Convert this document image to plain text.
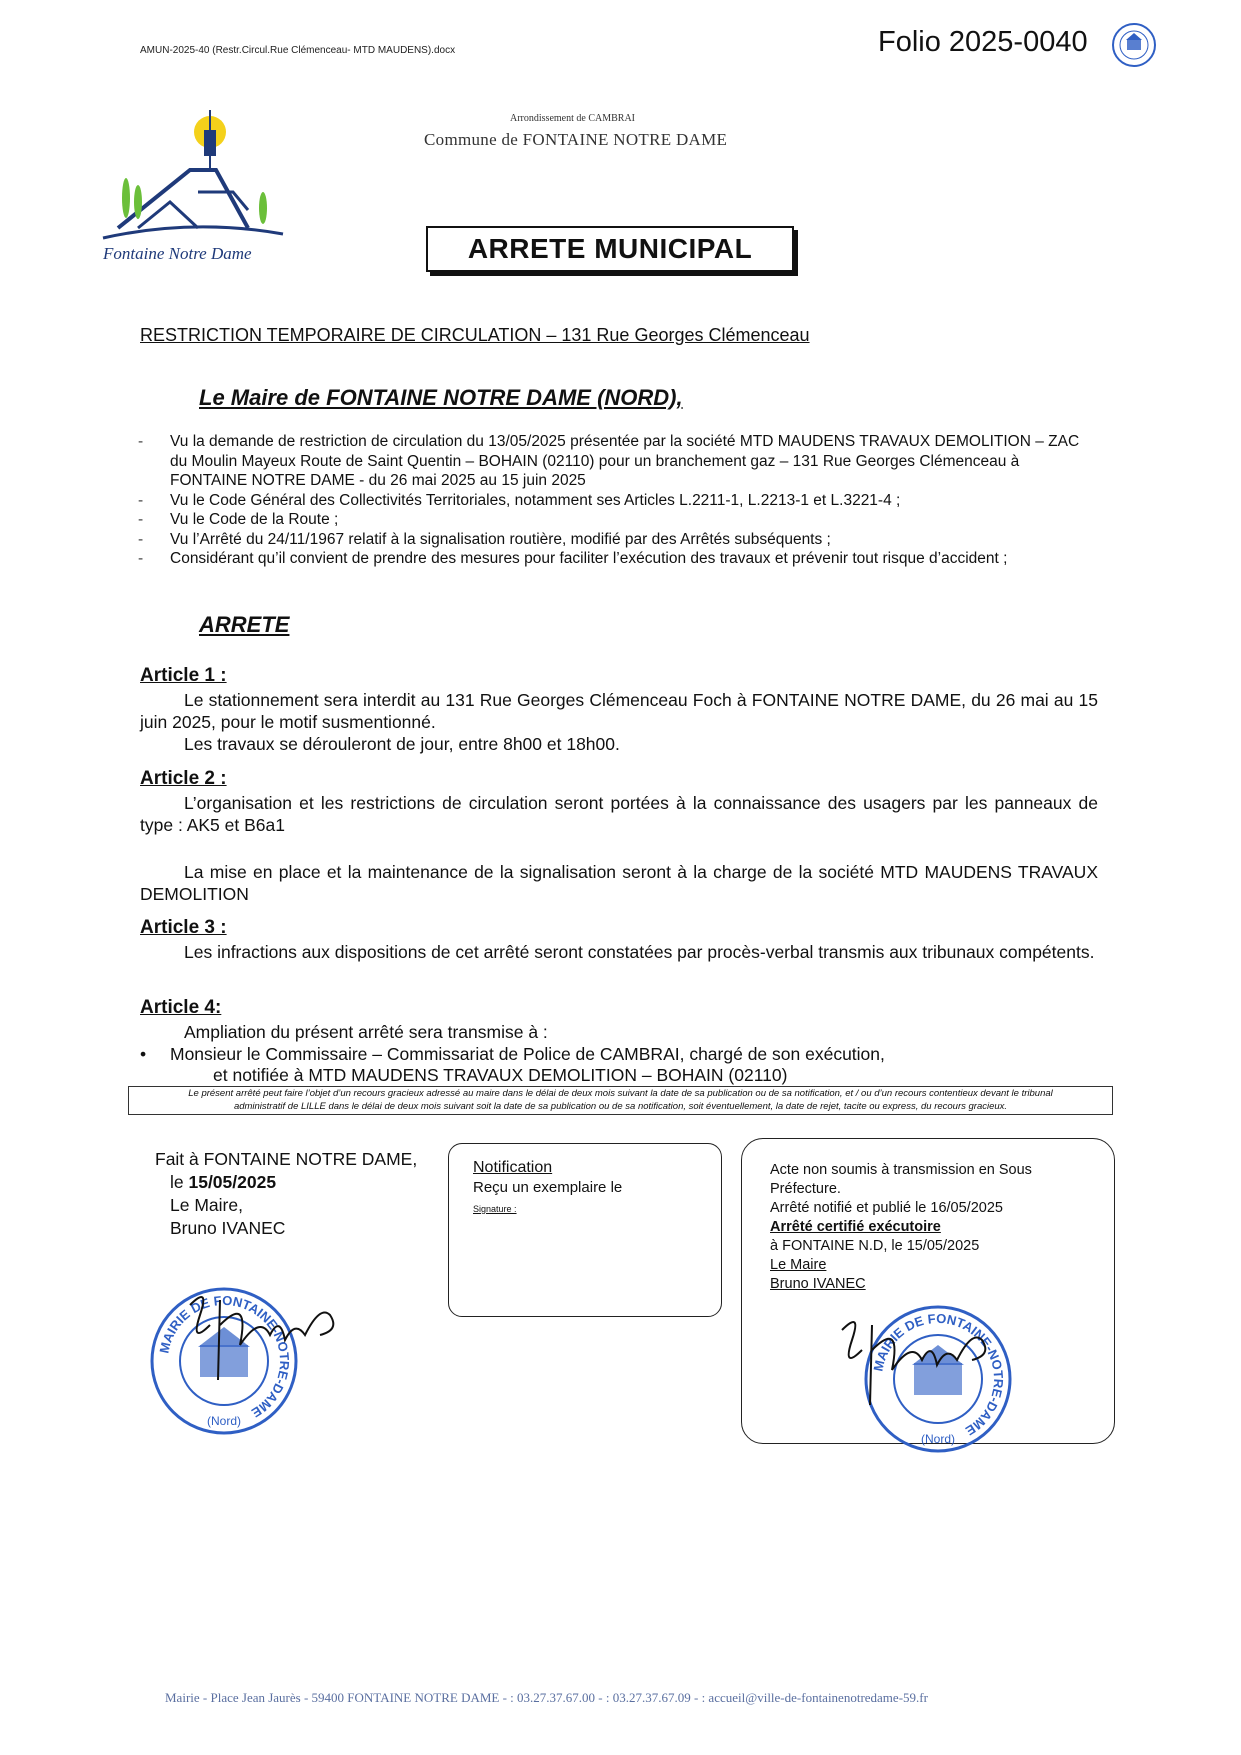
AMUN-2025-40 (Restr.Circul.Rue Clémenceau- MTD MAUDENS).docx	Folio 2025-0040
Fontaine Notre Dame
Arrondissement de CAMBRAI
Commune de FONTAINE NOTRE DAME
ARRETE MUNICIPAL
RESTRICTION TEMPORAIRE DE CIRCULATION – 131 Rue Georges Clémenceau
Le Maire de FONTAINE NOTRE DAME (NORD),
-	Vu la demande de restriction de circulation du 13/05/2025 présentée par la société MTD MAUDENS TRAVAUX DEMOLITION – ZAC du Moulin Mayeux Route de Saint Quentin – BOHAIN (02110) pour un branchement gaz – 131 Rue Georges Clémenceau à FONTAINE NOTRE DAME - du 26 mai 2025 au 15 juin 2025
-	Vu le Code Général des Collectivités Territoriales, notamment ses Articles L.2211-1, L.2213-1 et L.3221-4 ;
-	Vu le Code de la Route ;
-	Vu l’Arrêté du 24/11/1967 relatif à la signalisation routière, modifié par des Arrêtés subséquents ;
-	Considérant qu’il convient de prendre des mesures pour faciliter l’exécution des travaux et prévenir tout risque d’accident ;
ARRETE
Article 1 :
Le stationnement sera interdit au 131 Rue Georges Clémenceau Foch à FONTAINE NOTRE DAME, du 26 mai au 15 juin 2025, pour le motif susmentionné.
Les travaux se dérouleront de jour, entre 8h00 et 18h00.
Article 2 :
L’organisation et les restrictions de circulation seront portées à la connaissance des usagers par les panneaux de type : AK5 et B6a1
La mise en place et la maintenance de la signalisation seront à la charge de la société MTD MAUDENS TRAVAUX DEMOLITION
Article 3 :
Les infractions aux dispositions de cet arrêté seront constatées par procès-verbal transmis aux tribunaux compétents.
Article 4:
Ampliation du présent arrêté sera transmise à :
• Monsieur le Commissaire – Commissariat de Police de CAMBRAI, chargé de son exécution,
et notifiée à MTD MAUDENS TRAVAUX DEMOLITION – BOHAIN (02110)
Le présent arrêté peut faire l’objet d’un recours gracieux adressé au maire dans le délai de deux mois suivant la date de sa publication ou de sa notification, et / ou d’un recours contentieux devant le tribunal
administratif de LILLE dans le délai de deux mois suivant soit la date de sa publication ou de sa notification, soit éventuellement, la date de rejet, tacite ou express, du recours gracieux.
Fait à FONTAINE NOTRE DAME,
le 15/05/2025
Le Maire,
Bruno IVANEC
MAIRIE DE FONTAINE-NOTRE-DAME
(Nord)
Notification
Reçu un exemplaire le
Signature :
Acte non soumis à transmission en Sous
Préfecture.
Arrêté notifié et publié le 16/05/2025
Arrêté certifié exécutoire
à FONTAINE N.D, le 15/05/2025
Le Maire
Bruno IVANEC
MAIRIE DE FONTAINE-NOTRE-DAME
(Nord)
Mairie - Place Jean Jaurès - 59400 FONTAINE NOTRE DAME - : 03.27.37.67.00 - : 03.27.37.67.09 - : accueil@ville-de-fontainenotredame-59.fr
